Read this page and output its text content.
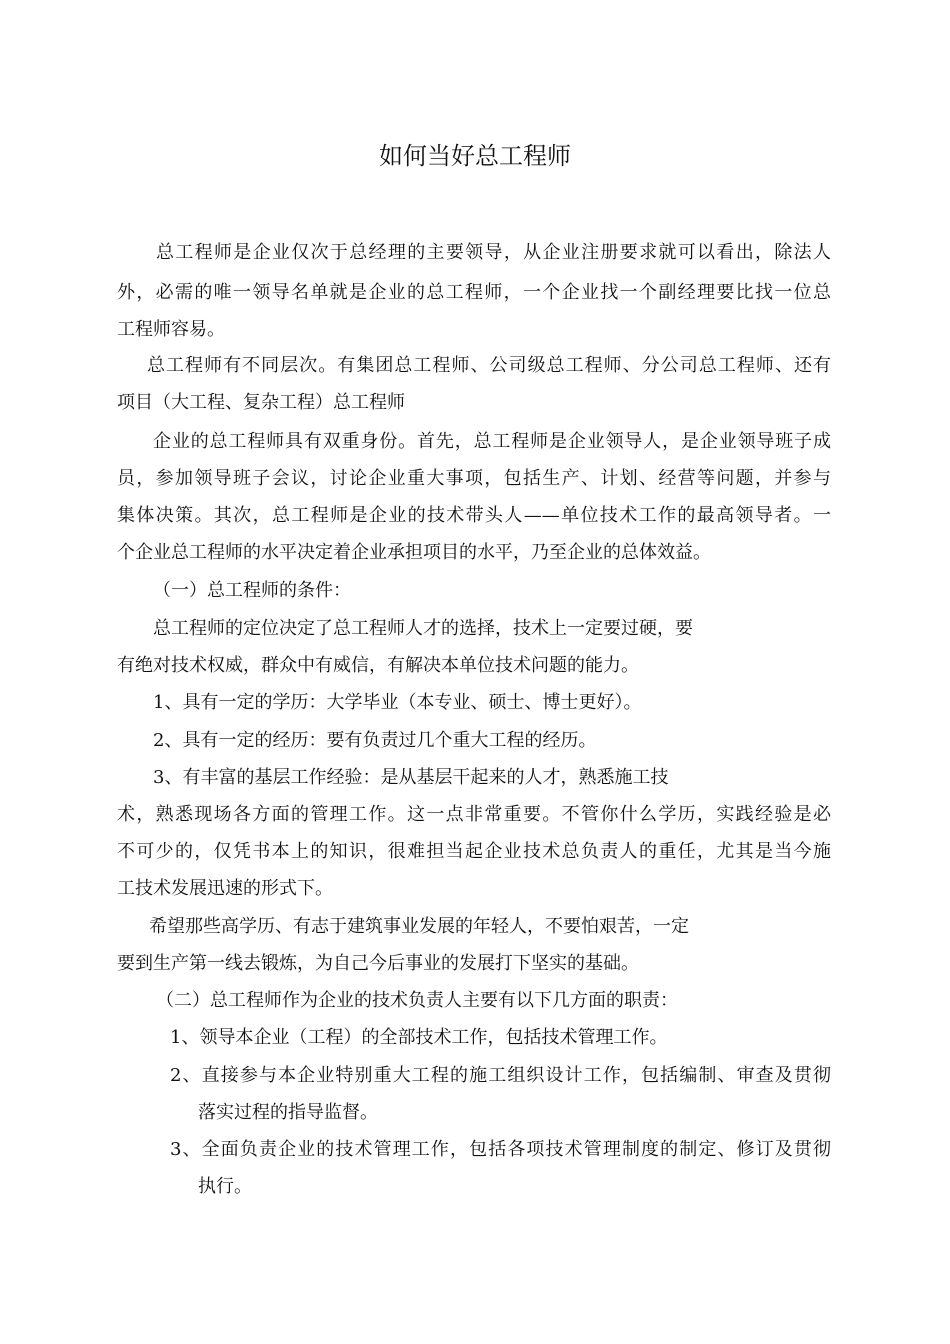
如何当好总工程师
总工程师是企业仅次于总经理的主要领导，从企业注册要求就可以看出，除法人
外，必需的唯一领导名单就是企业的总工程师，一个企业找一个副经理要比找一位总
工程师容易。
总工程师有不同层次。有集团总工程师、公司级总工程师、分公司总工程师、还有
项目（大工程、复杂工程）总工程师
企业的总工程师具有双重身份。首先，总工程师是企业领导人，是企业领导班子成
员，参加领导班子会议，讨论企业重大事项，包括生产、计划、经营等问题，并参与
集体决策。其次，总工程师是企业的技术带头人——单位技术工作的最高领导者。一
个企业总工程师的水平决定着企业承担项目的水平，乃至企业的总体效益。
（一）总工程师的条件：
总工程师的定位决定了总工程师人才的选择，技术上一定要过硬，要
有绝对技术权威，群众中有威信，有解决本单位技术问题的能力。
1、具有一定的学历：大学毕业（本专业、硕士、博士更好）。
2、具有一定的经历：要有负责过几个重大工程的经历。
3、有丰富的基层工作经验：是从基层干起来的人才，熟悉施工技
术，熟悉现场各方面的管理工作。这一点非常重要。不管你什么学历，实践经验是必
不可少的，仅凭书本上的知识，很难担当起企业技术总负责人的重任，尤其是当今施
工技术发展迅速的形式下。
希望那些高学历、有志于建筑事业发展的年轻人，不要怕艰苦，一定
要到生产第一线去锻炼，为自己今后事业的发展打下坚实的基础。
（二）总工程师作为企业的技术负责人主要有以下几方面的职责：
1、领导本企业（工程）的全部技术工作，包括技术管理工作。
2、直接参与本企业特别重大工程的施工组织设计工作，包括编制、审查及贯彻
落实过程的指导监督。
3、全面负责企业的技术管理工作，包括各项技术管理制度的制定、修订及贯彻
执行。
